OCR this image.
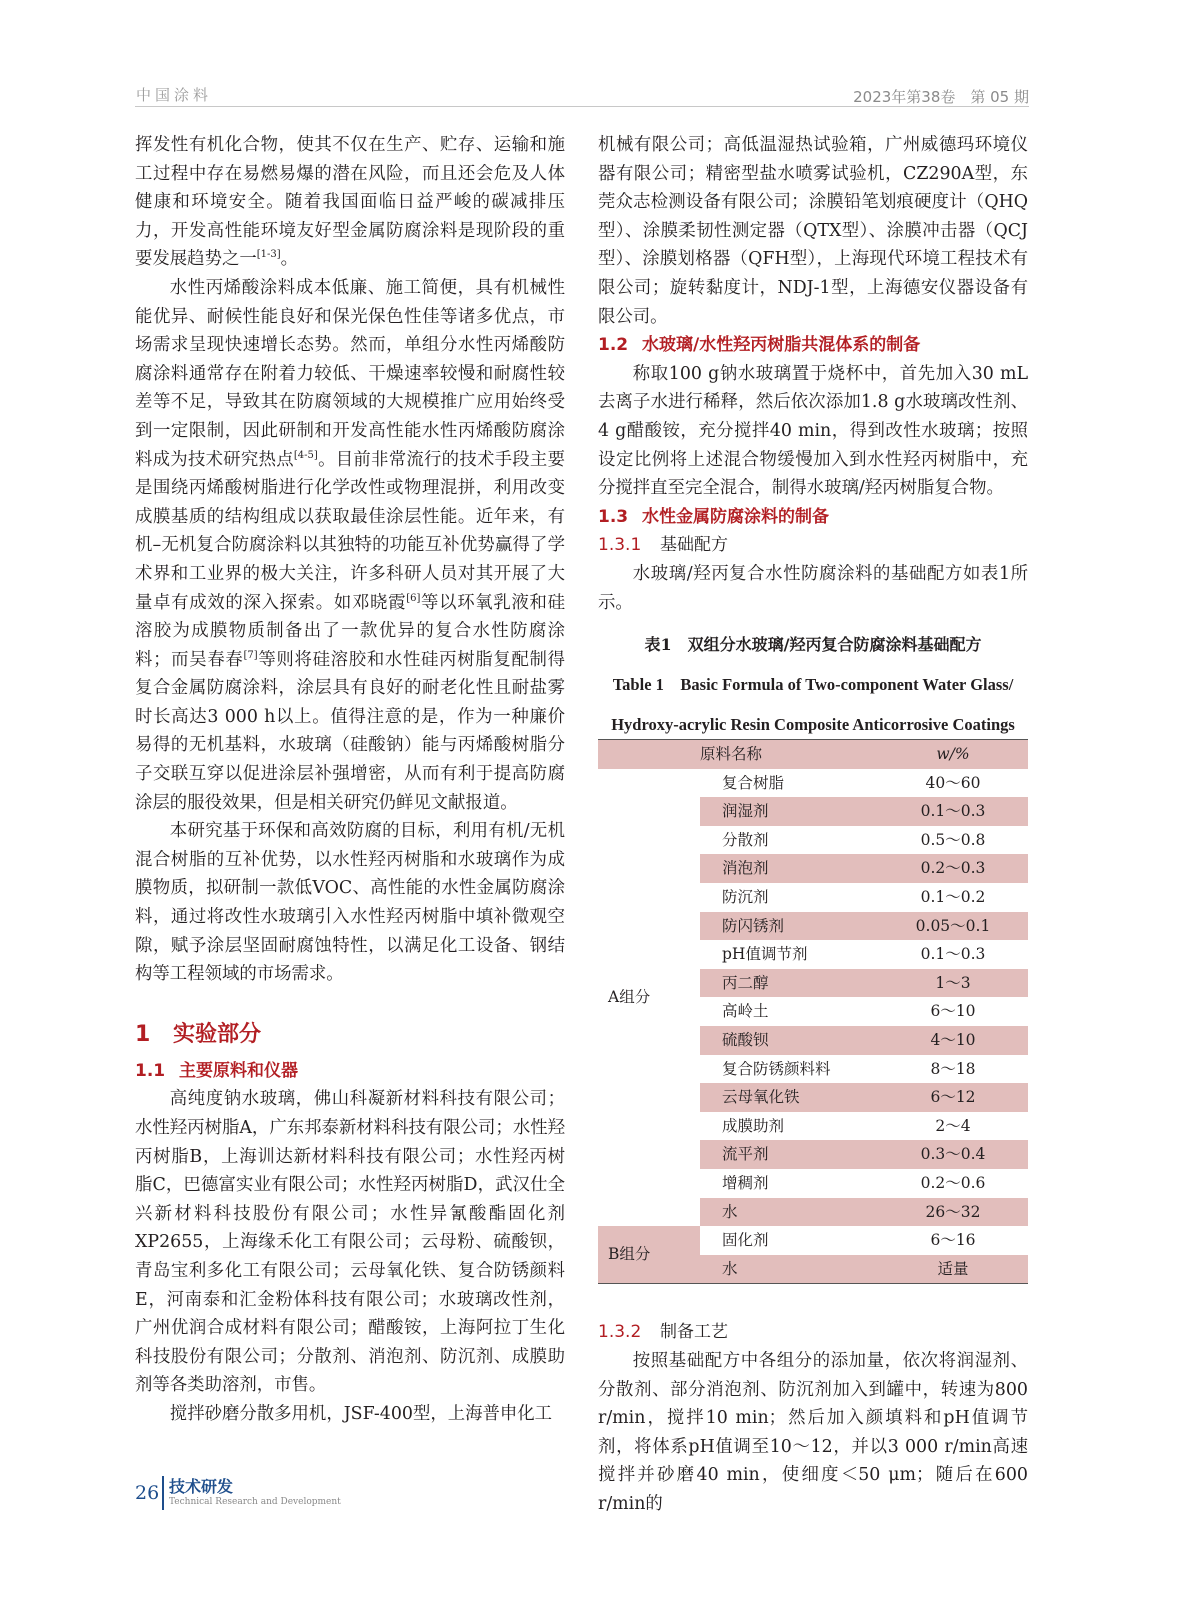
中国涂料	2023年第38卷　第 05 期

挥发性有机化合物，使其不仅在生产、贮存、运输和施工过程中存在易燃易爆的潜在风险，而且还会危及人体健康和环境安全。随着我国面临日益严峻的碳减排压力，开发高性能环境友好型金属防腐涂料是现阶段的重要发展趋势之一[1-3]。

水性丙烯酸涂料成本低廉、施工简便，具有机械性能优异、耐候性能良好和保光保色性佳等诸多优点，市场需求呈现快速增长态势。然而，单组分水性丙烯酸防腐涂料通常存在附着力较低、干燥速率较慢和耐腐性较差等不足，导致其在防腐领域的大规模推广应用始终受到一定限制，因此研制和开发高性能水性丙烯酸防腐涂料成为技术研究热点[4-5]。目前非常流行的技术手段主要是围绕丙烯酸树脂进行化学改性或物理混拼，利用改变成膜基质的结构组成以获取最佳涂层性能。近年来，有机–无机复合防腐涂料以其独特的功能互补优势赢得了学术界和工业界的极大关注，许多科研人员对其开展了大量卓有成效的深入探索。如邓晓霞[6]等以环氧乳液和硅溶胶为成膜物质制备出了一款优异的复合水性防腐涂料；而吴春春[7]等则将硅溶胶和水性硅丙树脂复配制得复合金属防腐涂料，涂层具有良好的耐老化性且耐盐雾时长高达3 000 h以上。值得注意的是，作为一种廉价易得的无机基料，水玻璃（硅酸钠）能与丙烯酸树脂分子交联互穿以促进涂层补强增密，从而有利于提高防腐涂层的服役效果，但是相关研究仍鲜见文献报道。

本研究基于环保和高效防腐的目标，利用有机/无机混合树脂的互补优势，以水性羟丙树脂和水玻璃作为成膜物质，拟研制一款低VOC、高性能的水性金属防腐涂料，通过将改性水玻璃引入水性羟丙树脂中填补微观空隙，赋予涂层坚固耐腐蚀特性，以满足化工设备、钢结构等工程领域的市场需求。

1 实验部分
1.1 主要原料和仪器

高纯度钠水玻璃，佛山科凝新材料科技有限公司；水性羟丙树脂A，广东邦泰新材料科技有限公司；水性羟丙树脂B，上海训达新材料科技有限公司；水性羟丙树脂C，巴德富实业有限公司；水性羟丙树脂D，武汉仕全兴新材料科技股份有限公司；水性异氰酸酯固化剂XP2655，上海缘禾化工有限公司；云母粉、硫酸钡，青岛宝利多化工有限公司；云母氧化铁、复合防锈颜料E，河南泰和汇金粉体科技有限公司；水玻璃改性剂，广州优润合成材料有限公司；醋酸铵，上海阿拉丁生化科技股份有限公司；分散剂、消泡剂、防沉剂、成膜助剂等各类助溶剂，市售。

搅拌砂磨分散多用机，JSF-400型，上海普申化工

机械有限公司；高低温湿热试验箱，广州威德玛环境仪器有限公司；精密型盐水喷雾试验机，CZ290A型，东莞众志检测设备有限公司；涂膜铅笔划痕硬度计（QHQ型）、涂膜柔韧性测定器（QTX型）、涂膜冲击器（QCJ型）、涂膜划格器（QFH型），上海现代环境工程技术有限公司；旋转黏度计，NDJ-1型，上海德安仪器设备有限公司。

1.2 水玻璃/水性羟丙树脂共混体系的制备

称取100 g钠水玻璃置于烧杯中，首先加入30 mL去离子水进行稀释，然后依次添加1.8 g水玻璃改性剂、4 g醋酸铵，充分搅拌40 min，得到改性水玻璃；按照设定比例将上述混合物缓慢加入到水性羟丙树脂中，充分搅拌直至完全混合，制得水玻璃/羟丙树脂复合物。

1.3 水性金属防腐涂料的制备
1.3.1 基础配方

水玻璃/羟丙复合水性防腐涂料的基础配方如表1所示。

表1　双组分水玻璃/羟丙复合防腐涂料基础配方
Table 1　Basic Formula of Two-component Water Glass/
Hydroxy-acrylic Resin Composite Anticorrosive Coatings
	原料名称	w/%
A组分	复合树脂	40～60
	润湿剂	0.1～0.3
	分散剂	0.5～0.8
	消泡剂	0.2～0.3
	防沉剂	0.1～0.2
	防闪锈剂	0.05～0.1
	pH值调节剂	0.1～0.3
	丙二醇	1～3
	高岭土	6～10
	硫酸钡	4～10
	复合防锈颜料料	8～18
	云母氧化铁	6～12
	成膜助剂	2～4
	流平剂	0.3～0.4
	增稠剂	0.2～0.6
	水	26～32
B组分	固化剂	6～16
	水	适量
1.3.2 制备工艺

按照基础配方中各组分的添加量，依次将润湿剂、分散剂、部分消泡剂、防沉剂加入到罐中，转速为800 r/min，搅拌10 min；然后加入颜填料和pH值调节剂，将体系pH值调至10～12，并以3 000 r/min高速搅拌并砂磨40 min，使细度＜50 μm；随后在600 r/min的

26 技术研发
Technical Research and Development
